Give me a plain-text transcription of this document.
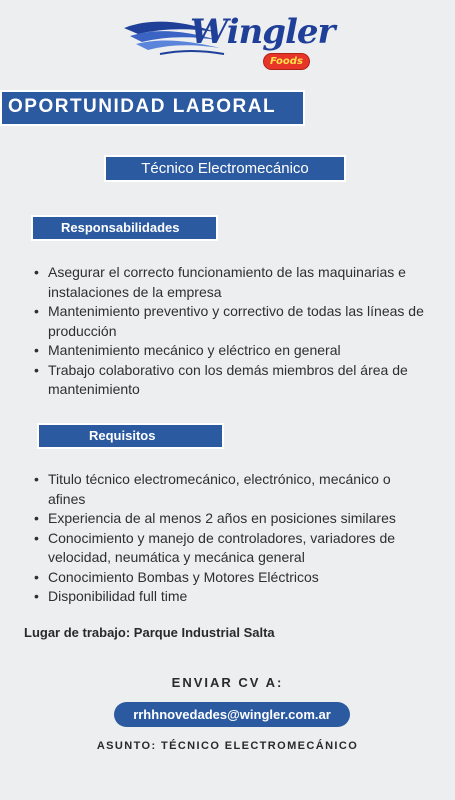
Wingler
Foods
OPORTUNIDAD LABORAL
Técnico Electromecánico
Responsabilidades
• Asegurar el correcto funcionamiento de las maquinarias e instalaciones de la empresa
• Mantenimiento preventivo y correctivo de todas las líneas de producción
• Mantenimiento mecánico y eléctrico en general
• Trabajo colaborativo con los demás miembros del área de mantenimiento
Requisitos
• Titulo técnico electromecánico, electrónico, mecánico o afines
• Experiencia de al menos 2 años en posiciones similares
• Conocimiento y manejo de controladores, variadores de velocidad, neumática y mecánica general
• Conocimiento Bombas y Motores Eléctricos
• Disponibilidad full time
Lugar de trabajo: Parque Industrial Salta
ENVIAR CV A:
rrhhnovedades@wingler.com.ar
ASUNTO: TÉCNICO ELECTROMECÁNICO
